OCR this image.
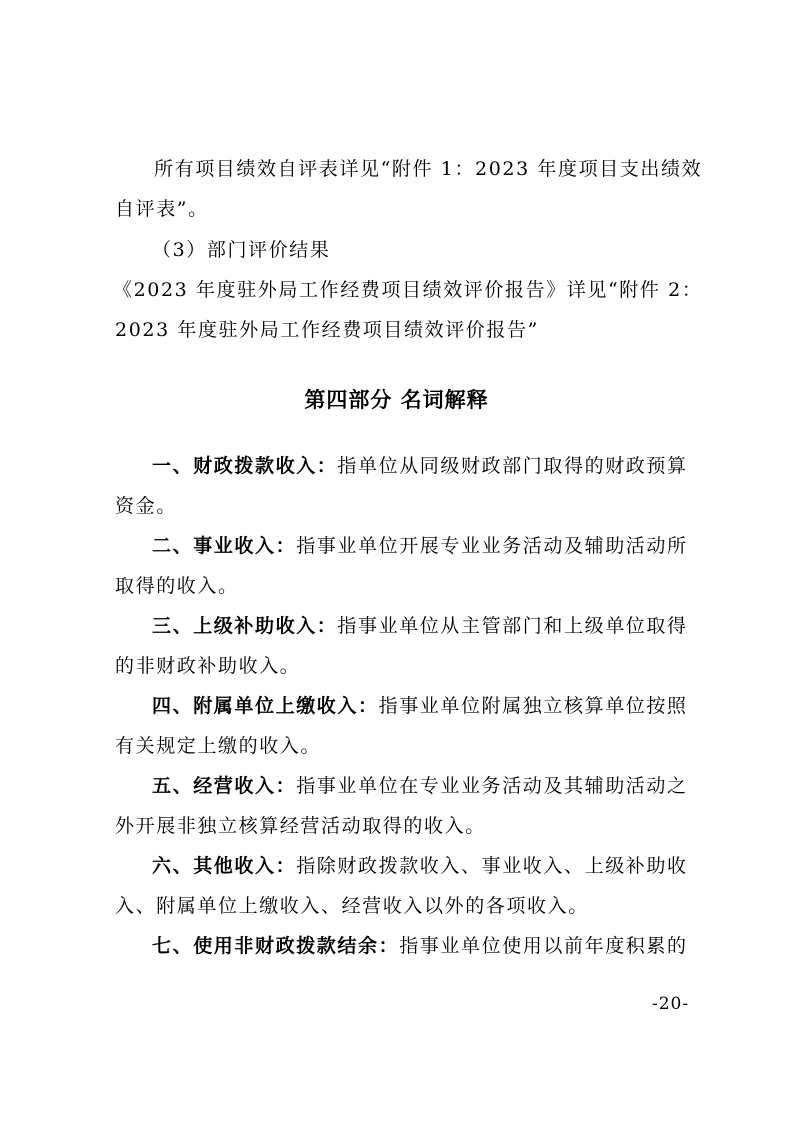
所有项目绩效自评表详见“附件 1：2023 年度项目支出绩效
自评表”。
（3）部门评价结果
《2023 年度驻外局工作经费项目绩效评价报告》详见“附件 2：
2023 年度驻外局工作经费项目绩效评价报告”
第四部分 名词解释
一、财政拨款收入：指单位从同级财政部门取得的财政预算
资金。
二、事业收入：指事业单位开展专业业务活动及辅助活动所
取得的收入。
三、上级补助收入：指事业单位从主管部门和上级单位取得
的非财政补助收入。
四、附属单位上缴收入：指事业单位附属独立核算单位按照
有关规定上缴的收入。
五、经营收入：指事业单位在专业业务活动及其辅助活动之
外开展非独立核算经营活动取得的收入。
六、其他收入：指除财政拨款收入、事业收入、上级补助收
入、附属单位上缴收入、经营收入以外的各项收入。
七、使用非财政拨款结余：指事业单位使用以前年度积累的
-20-
